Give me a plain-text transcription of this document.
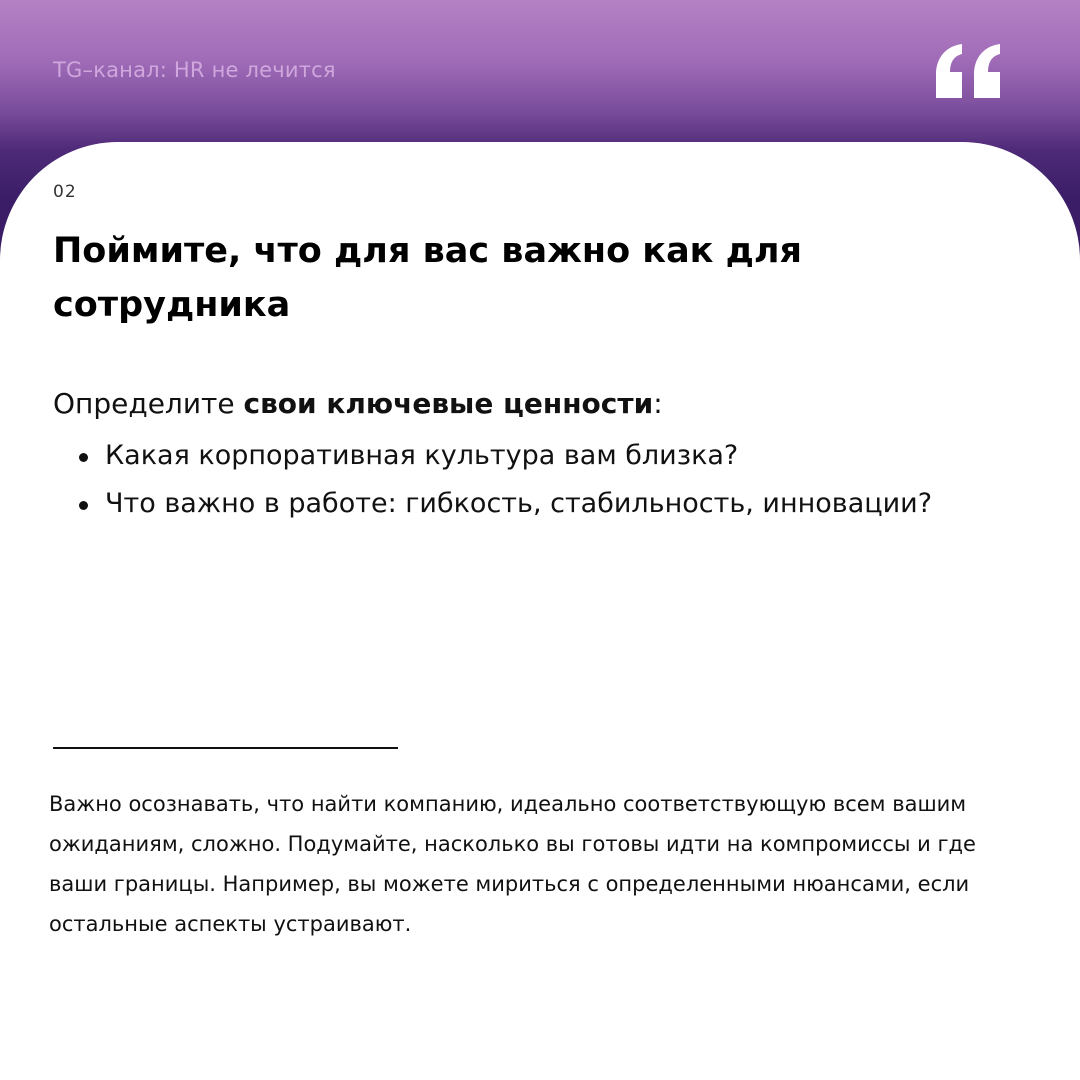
TG–канал: HR не лечится
02
Поймите, что для вас важно как для сотрудника
Определите свои ключевые ценности:
Какая корпоративная культура вам близка?
Что важно в работе: гибкость, стабильность, инновации?

Важно осознавать, что найти компанию, идеально соответствующую всем вашим ожиданиям, сложно. Подумайте, насколько вы готовы идти на компромиссы и где ваши границы. Например, вы можете мириться с определенными нюансами, если остальные аспекты устраивают.
